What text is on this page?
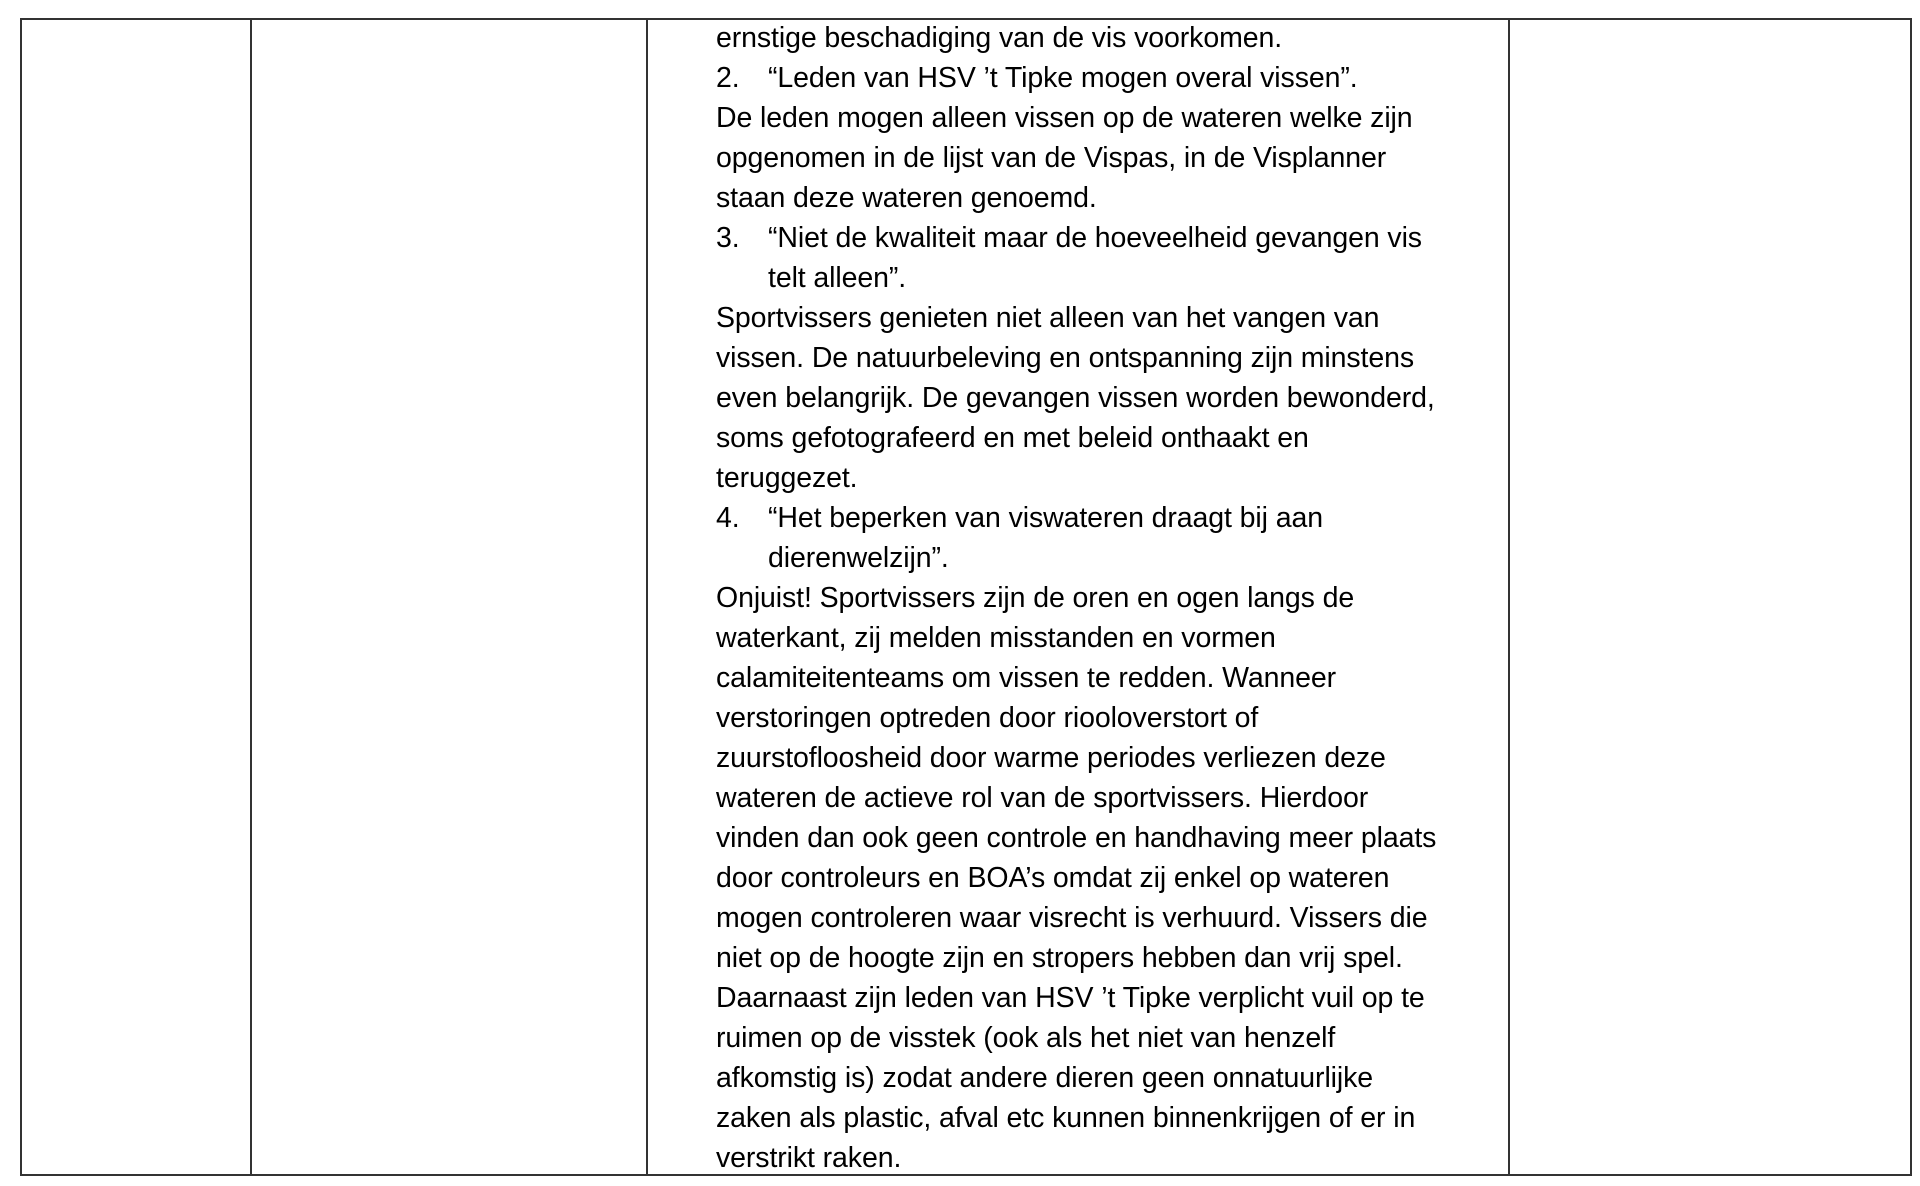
ernstige beschadiging van de vis voorkomen.
2. “Leden van HSV ’t Tipke mogen overal vissen”.
De leden mogen alleen vissen op de wateren welke zijn
opgenomen in de lijst van de Vispas, in de Visplanner
staan deze wateren genoemd.
3. “Niet de kwaliteit maar de hoeveelheid gevangen vis
telt alleen”.
Sportvissers genieten niet alleen van het vangen van
vissen. De natuurbeleving en ontspanning zijn minstens
even belangrijk. De gevangen vissen worden bewonderd,
soms gefotografeerd en met beleid onthaakt en
teruggezet.
4. “Het beperken van viswateren draagt bij aan
dierenwelzijn”.
Onjuist! Sportvissers zijn de oren en ogen langs de
waterkant, zij melden misstanden en vormen
calamiteitenteams om vissen te redden. Wanneer
verstoringen optreden door riooloverstort of
zuurstofloosheid door warme periodes verliezen deze
wateren de actieve rol van de sportvissers. Hierdoor
vinden dan ook geen controle en handhaving meer plaats
door controleurs en BOA’s omdat zij enkel op wateren
mogen controleren waar visrecht is verhuurd. Vissers die
niet op de hoogte zijn en stropers hebben dan vrij spel.
Daarnaast zijn leden van HSV ’t Tipke verplicht vuil op te
ruimen op de visstek (ook als het niet van henzelf
afkomstig is) zodat andere dieren geen onnatuurlijke
zaken als plastic, afval etc kunnen binnenkrijgen of er in
verstrikt raken.
